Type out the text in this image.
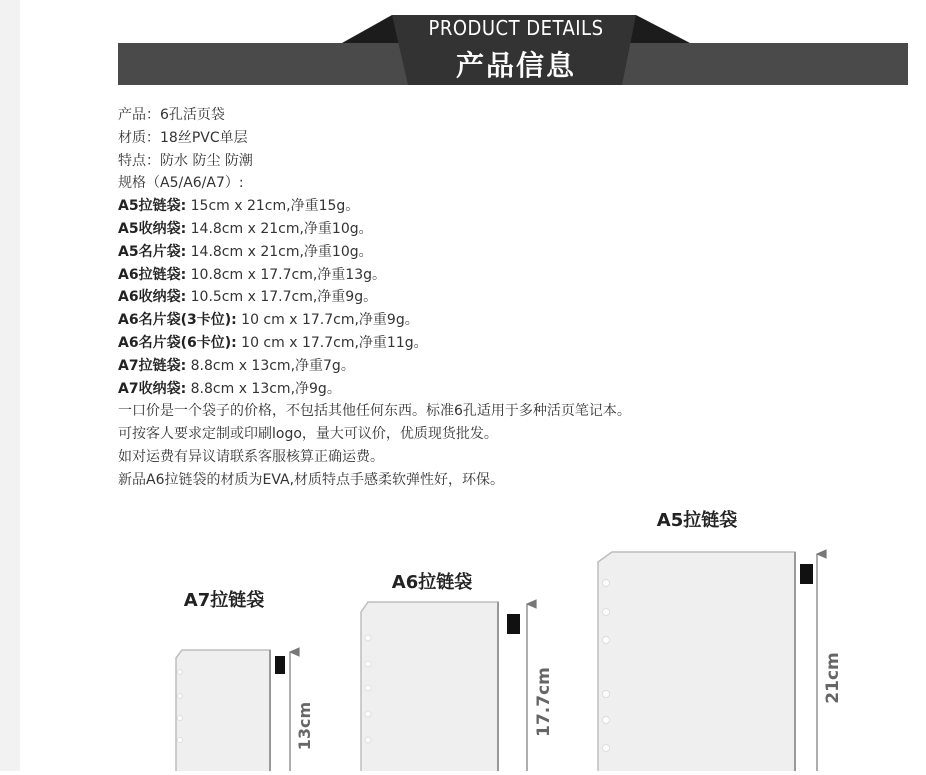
PRODUCT DETAILS
产品信息
产品：6孔活页袋
材质：18丝PVC单层
特点：防水 防尘 防潮
规格（A5/A6/A7）:
A5拉链袋: 15cm x 21cm,净重15g。
A5收纳袋: 14.8cm x 21cm,净重10g。
A5名片袋: 14.8cm x 21cm,净重10g。
A6拉链袋: 10.8cm x 17.7cm,净重13g。
A6收纳袋: 10.5cm x 17.7cm,净重9g。
A6名片袋(3卡位): 10 cm x 17.7cm,净重9g。
A6名片袋(6卡位): 10 cm x 17.7cm,净重11g。
A7拉链袋: 8.8cm x 13cm,净重7g。
A7收纳袋: 8.8cm x 13cm,净9g。
一口价是一个袋子的价格，不包括其他任何东西。标准6孔适用于多种活页笔记本。
可按客人要求定制或印刷logo，量大可议价，优质现货批发。
如对运费有异议请联系客服核算正确运费。
新品A6拉链袋的材质为EVA,材质特点手感柔软弹性好，环保。
A7拉链袋
13cm
A6拉链袋
17.7cm
A5拉链袋
21cm
